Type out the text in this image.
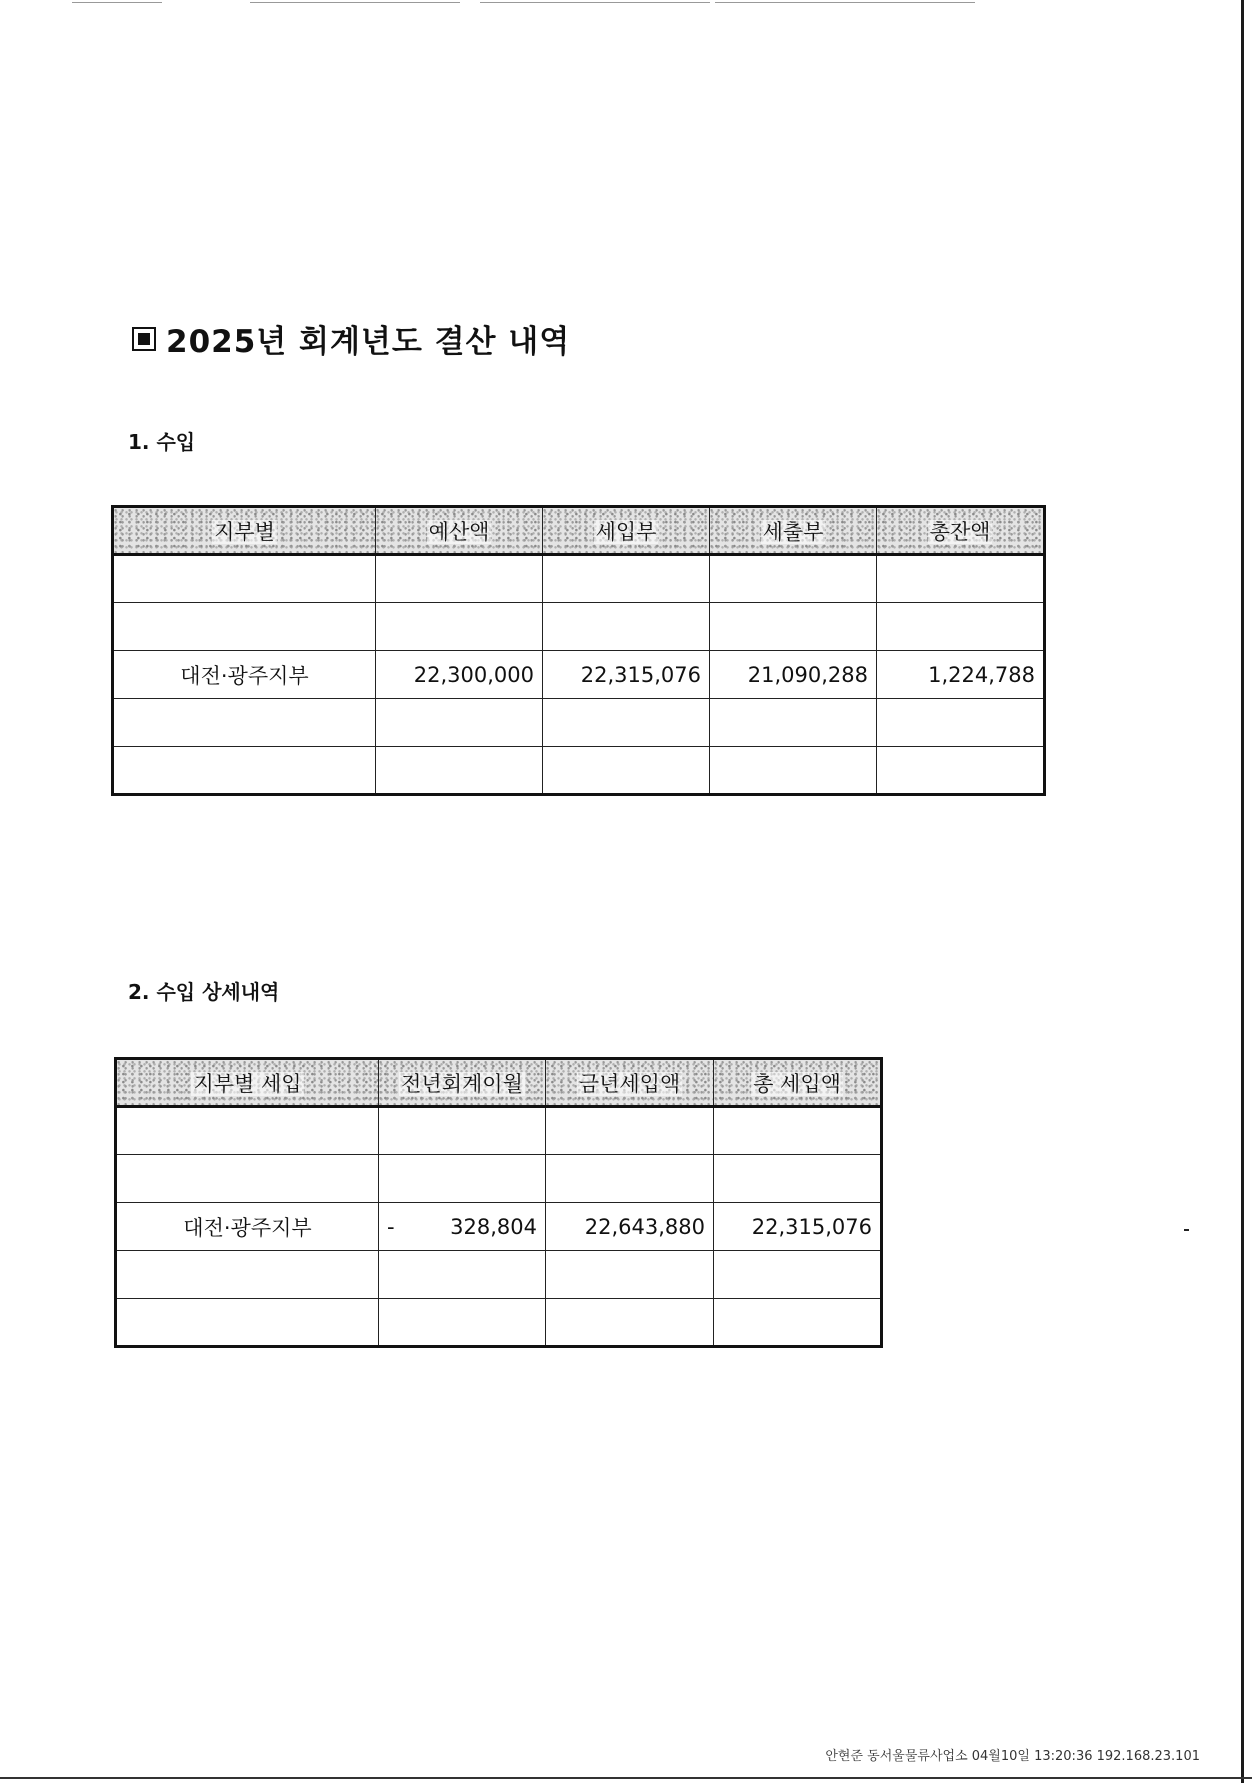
2025년 회계년도 결산 내역
1. 수입
지부별	예산액	세입부	세출부	총잔액

대전·광주지부	22,300,000	22,315,076	21,090,288	1,224,788

2. 수입 상세내역
지부별 세입	전년회계이월	금년세입액	총 세입액

대전·광주지부	- 328,804	22,643,880	22,315,076

안현준 동서울물류사업소 04월10일 13:20:36 192.168.23.101
